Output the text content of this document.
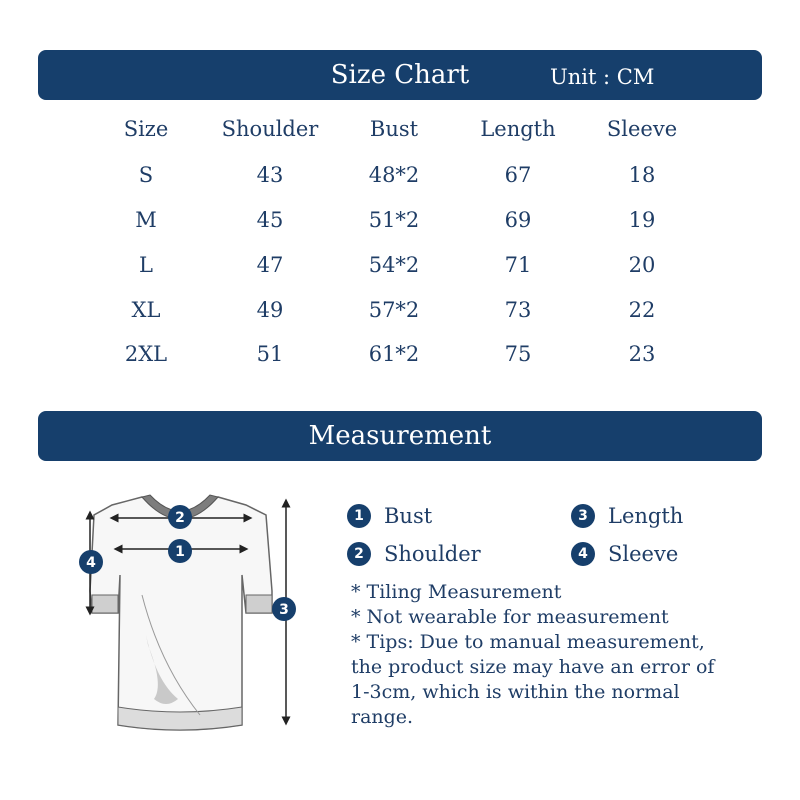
Size Chart	Unit : CM
Size	Shoulder	Bust	Length	Sleeve
S	43	48*2	67	18
M	45	51*2	69	19
L	47	54*2	71	20
XL	49	57*2	73	22
2XL	51	61*2	75	23
Measurement
2
1
4
3
1 Bust	3 Length
2 Shoulder	4 Sleeve
* Tiling Measurement
* Not wearable for measurement
* Tips: Due to manual measurement,
the product size may have an error of
1-3cm, which is within the normal
range.
